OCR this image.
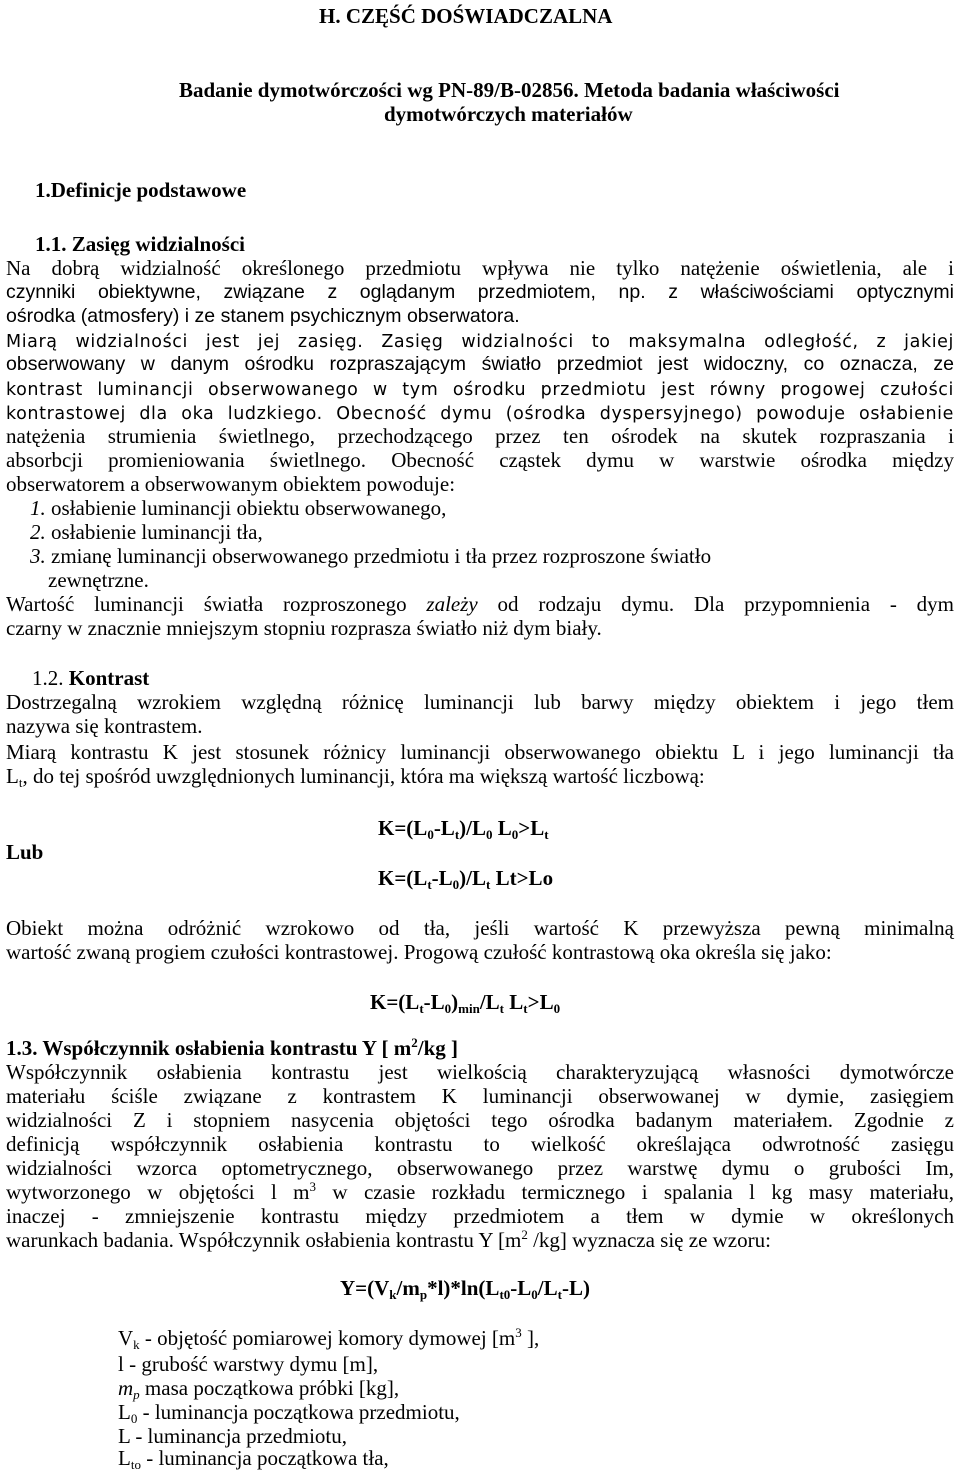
H. CZĘŚĆ DOŚWIADCZALNA
Badanie dymotwórczości wg PN-89/B-02856. Metoda badania właściwości
dymotwórczych materiałów
1.Definicje podstawowe
1.1. Zasięg widzialności
Na dobrą widzialność określonego przedmiotu wpływa nie tylko natężenie oświetlenia, ale i
czynniki obiektywne, związane z oglądanym przedmiotem, np. z właściwościami optycznymi
ośrodka (atmosfery) i ze stanem psychicznym obserwatora.
Miarą widzialności jest jej zasięg. Zasięg widzialności to maksymalna odległość, z jakiej
obserwowany w danym ośrodku rozpraszającym światło przedmiot jest widoczny, co oznacza, ze
kontrast luminancji obserwowanego w tym ośrodku przedmiotu jest równy progowej czułości
kontrastowej dla oka ludzkiego. Obecność dymu (ośrodka dyspersyjnego) powoduje osłabienie
natężenia strumienia świetlnego, przechodzącego przez ten ośrodek na skutek rozpraszania i
absorbcji promieniowania świetlnego. Obecność cząstek dymu w warstwie ośrodka między
obserwatorem a obserwowanym obiektem powoduje:
1. osłabienie luminancji obiektu obserwowanego,
2. osłabienie luminancji tła,
3. zmianę luminancji obserwowanego przedmiotu i tła przez rozproszone światło
zewnętrzne.
Wartość luminancji światła rozproszonego zależy od rodzaju dymu. Dla przypomnienia - dym
czarny w znacznie mniejszym stopniu rozprasza światło niż dym biały.
1.2. Kontrast
Dostrzegalną wzrokiem względną różnicę luminancji lub barwy między obiektem i jego tłem
nazywa się kontrastem.
Miarą kontrastu K jest stosunek różnicy luminancji obserwowanego obiektu L i jego luminancji tła
$L_t$, do tej spośród uwzględnionych luminancji, która ma większą wartość liczbową:
Lub
$K=(L_0-L_t)/L_0$ $L_0>L_t$
$K=(L_t-L_0)/L_t$ Lt>Lo
Obiekt można odróżnić wzrokowo od tła, jeśli wartość K przewyższa pewną minimalną
wartość zwaną progiem czułości kontrastowej. Progową czułość kontrastową oka określa się jako:
$K=(L_t-L_0)_{min}/L_t$ $L_t>L_0$
1.3. Współczynnik osłabienia kontrastu Y [ $m^2/kg$ ]
Współczynnik osłabienia kontrastu jest wielkością charakteryzującą własności dymotwórcze
materiału ściśle związane z kontrastem K luminancji obserwowanej w dymie, zasięgiem
widzialności Z i stopniem nasycenia objętości tego ośrodka badanym materiałem. Zgodnie z
definicją współczynnik osłabienia kontrastu to wielkość określająca odwrotność zasięgu
widzialności wzorca optometrycznego, obserwowanego przez warstwę dymu o grubości Im,
wytworzonego w objętości l $m^3$ w czasie rozkładu termicznego i spalania l kg masy materiału,
inaczej - zmniejszenie kontrastu między przedmiotem a tłem w dymie w określonych
warunkach badania. Współczynnik osłabienia kontrastu Y [$m^2$ /kg] wyznacza się ze wzoru:
$Y=(V_k/m_p*l)*\ln(L_{t0}-L_0/L_t-L)$
$V_k$ - objętość pomiarowej komory dymowej [$m^3$ ],
l - grubość warstwy dymu [m],
$m_p$ masa początkowa próbki [kg],
$L_0$ - luminancja początkowa przedmiotu,
L - luminancja przedmiotu,
$L_{to}$ - luminancja początkowa tła,
